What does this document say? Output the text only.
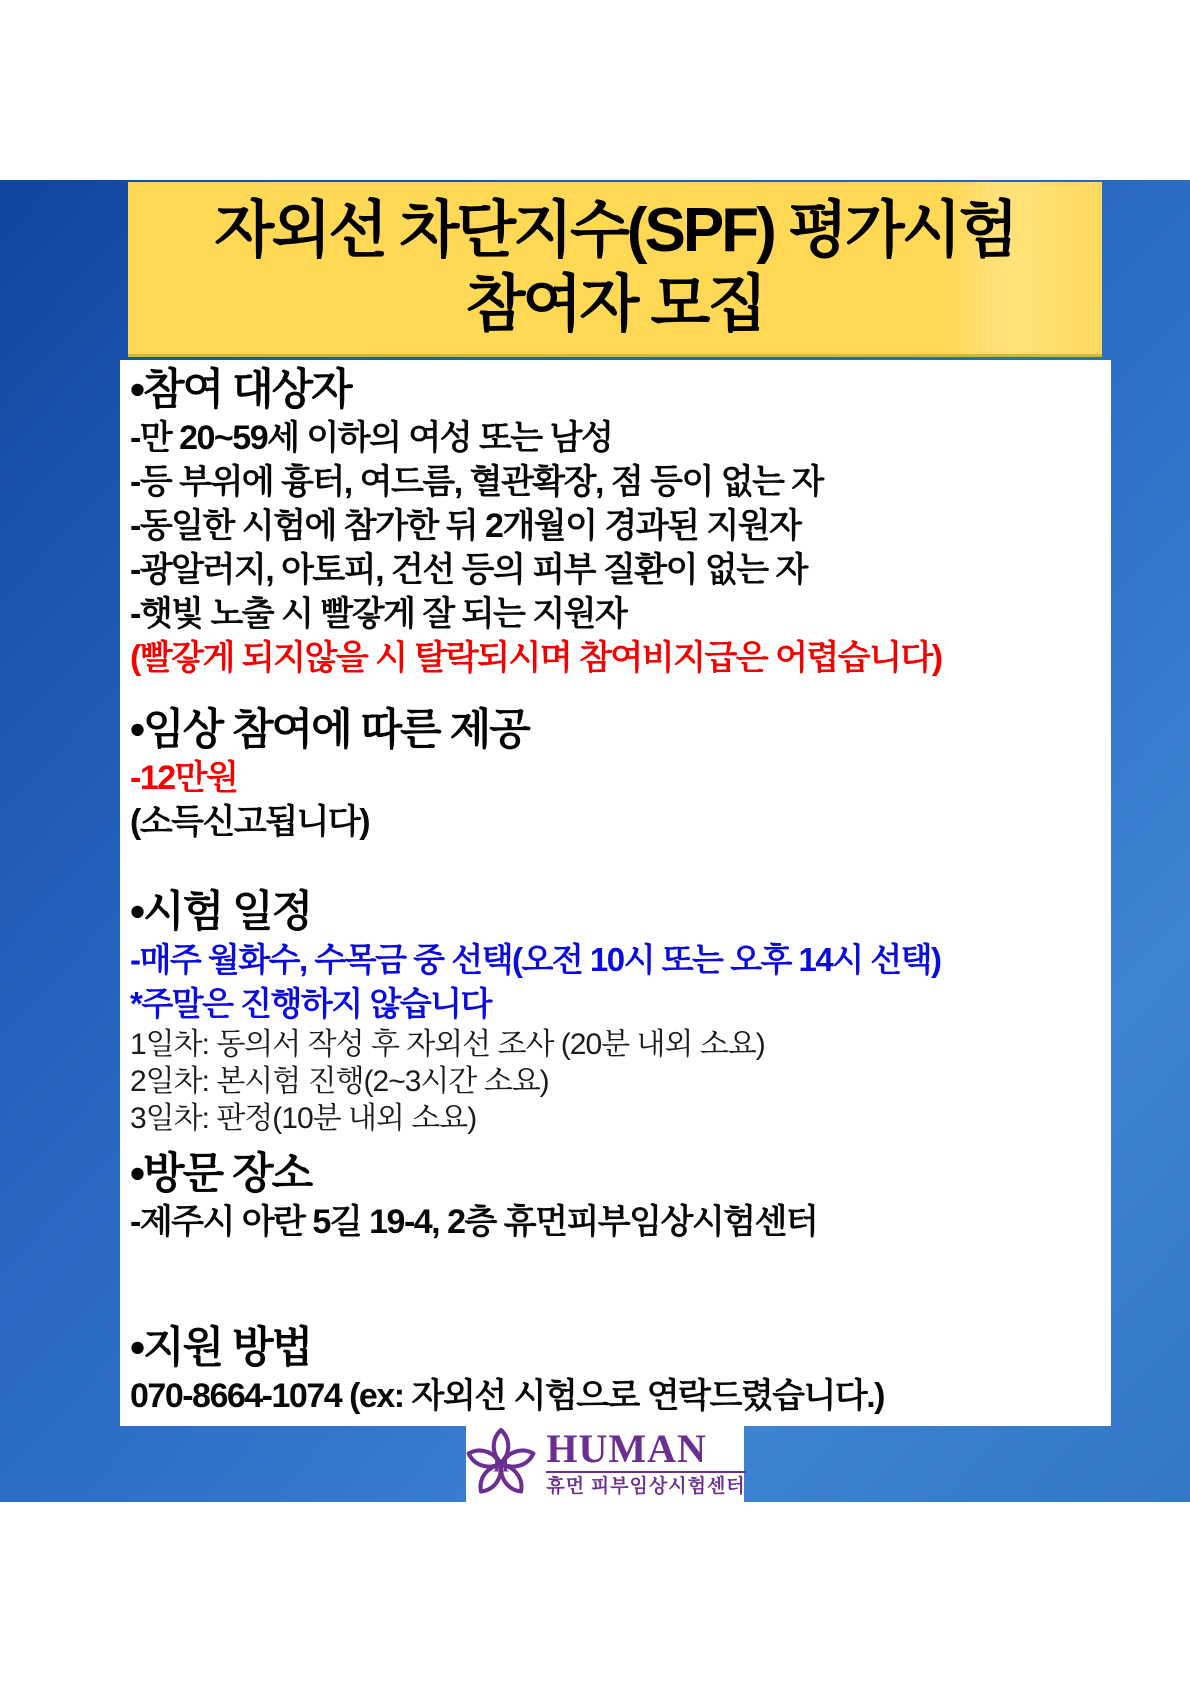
자외선 차단지수(SPF) 평가시험
참여자 모집
•참여 대상자
-만 20~59세 이하의 여성 또는 남성
-등 부위에 흉터, 여드름, 혈관확장, 점 등이 없는 자
-동일한 시험에 참가한 뒤 2개월이 경과된 지원자
-광알러지, 아토피, 건선 등의 피부 질환이 없는 자
-햇빛 노출 시 빨갛게 잘 되는 지원자
(빨갛게 되지않을 시 탈락되시며 참여비지급은 어렵습니다)
•임상 참여에 따른 제공
-12만원
(소득신고됩니다)
•시험 일정
-매주 월화수, 수목금 중 선택(오전 10시 또는 오후 14시 선택)
*주말은 진행하지 않습니다
1일차: 동의서 작성 후 자외선 조사 (20분 내외 소요)
2일차: 본시험 진행(2~3시간 소요)
3일차: 판정(10분 내외 소요)
•방문 장소
-제주시 아란 5길 19-4, 2층 휴먼피부임상시험센터
•지원 방법
070-8664-1074 (ex: 자외선 시험으로 연락드렸습니다.)
H HUMAN
휴먼 피부임상시험센터
